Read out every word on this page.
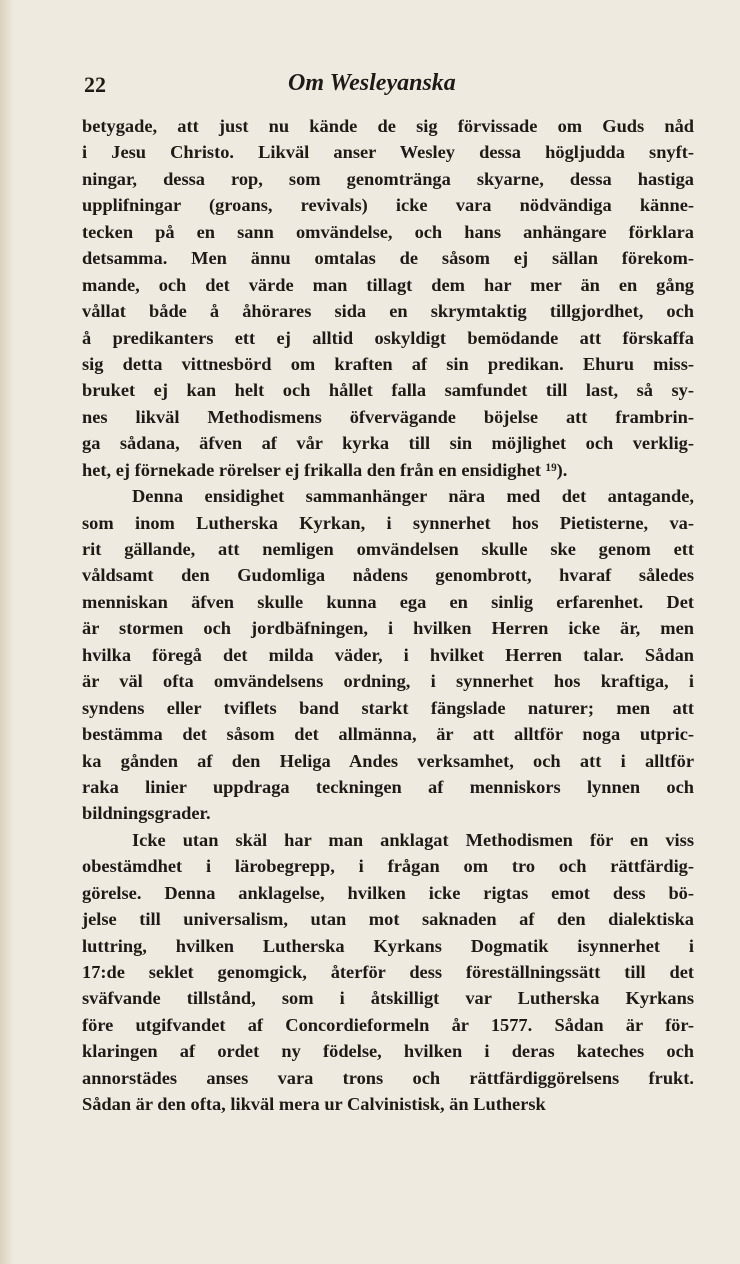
22	Om Wesleyanska
betygade, att just nu kände de sig förvissade om Guds nåd
i Jesu Christo. Likväl anser Wesley dessa högljudda snyft-
ningar, dessa rop, som genomtränga skyarne, dessa hastiga
upplifningar (groans, revivals) icke vara nödvändiga känne-
tecken på en sann omvändelse, och hans anhängare förklara
detsamma. Men ännu omtalas de såsom ej sällan förekom-
mande, och det värde man tillagt dem har mer än en gång
vållat både å åhörares sida en skrymtaktig tillgjordhet, och
å predikanters ett ej alltid oskyldigt bemödande att förskaffa
sig detta vittnesbörd om kraften af sin predikan. Ehuru miss-
bruket ej kan helt och hållet falla samfundet till last, så sy-
nes likväl Methodismens öfvervägande böjelse att frambrin-
ga sådana, äfven af vår kyrka till sin möjlighet och verklig-
het, ej förnekade rörelser ej frikalla den från en ensidighet ¹⁹).
Denna ensidighet sammanhänger nära med det antagande,
som inom Lutherska Kyrkan, i synnerhet hos Pietisterne, va-
rit gällande, att nemligen omvändelsen skulle ske genom ett
våldsamt den Gudomliga nådens genombrott, hvaraf således
menniskan äfven skulle kunna ega en sinlig erfarenhet. Det
är stormen och jordbäfningen, i hvilken Herren icke är, men
hvilka föregå det milda väder, i hvilket Herren talar. Sådan
är väl ofta omvändelsens ordning, i synnerhet hos kraftiga, i
syndens eller tviflets band starkt fängslade naturer; men att
bestämma det såsom det allmänna, är att alltför noga utpric-
ka gånden af den Heliga Andes verksamhet, och att i alltför
raka linier uppdraga teckningen af menniskors lynnen och
bildningsgrader.
Icke utan skäl har man anklagat Methodismen för en viss
obestämdhet i lärobegrepp, i frågan om tro och rättfärdig-
görelse. Denna anklagelse, hvilken icke rigtas emot dess bö-
jelse till universalism, utan mot saknaden af den dialektiska
luttring, hvilken Lutherska Kyrkans Dogmatik isynnerhet i
17:de seklet genomgick, återför dess föreställningssätt till det
sväfvande tillstånd, som i åtskilligt var Lutherska Kyrkans
före utgifvandet af Concordieformeln år 1577. Sådan är för-
klaringen af ordet ny födelse, hvilken i deras kateches och
annorstädes anses vara trons och rättfärdiggörelsens frukt.
Sådan är den ofta, likväl mera ur Calvinistisk, än Luthersk
